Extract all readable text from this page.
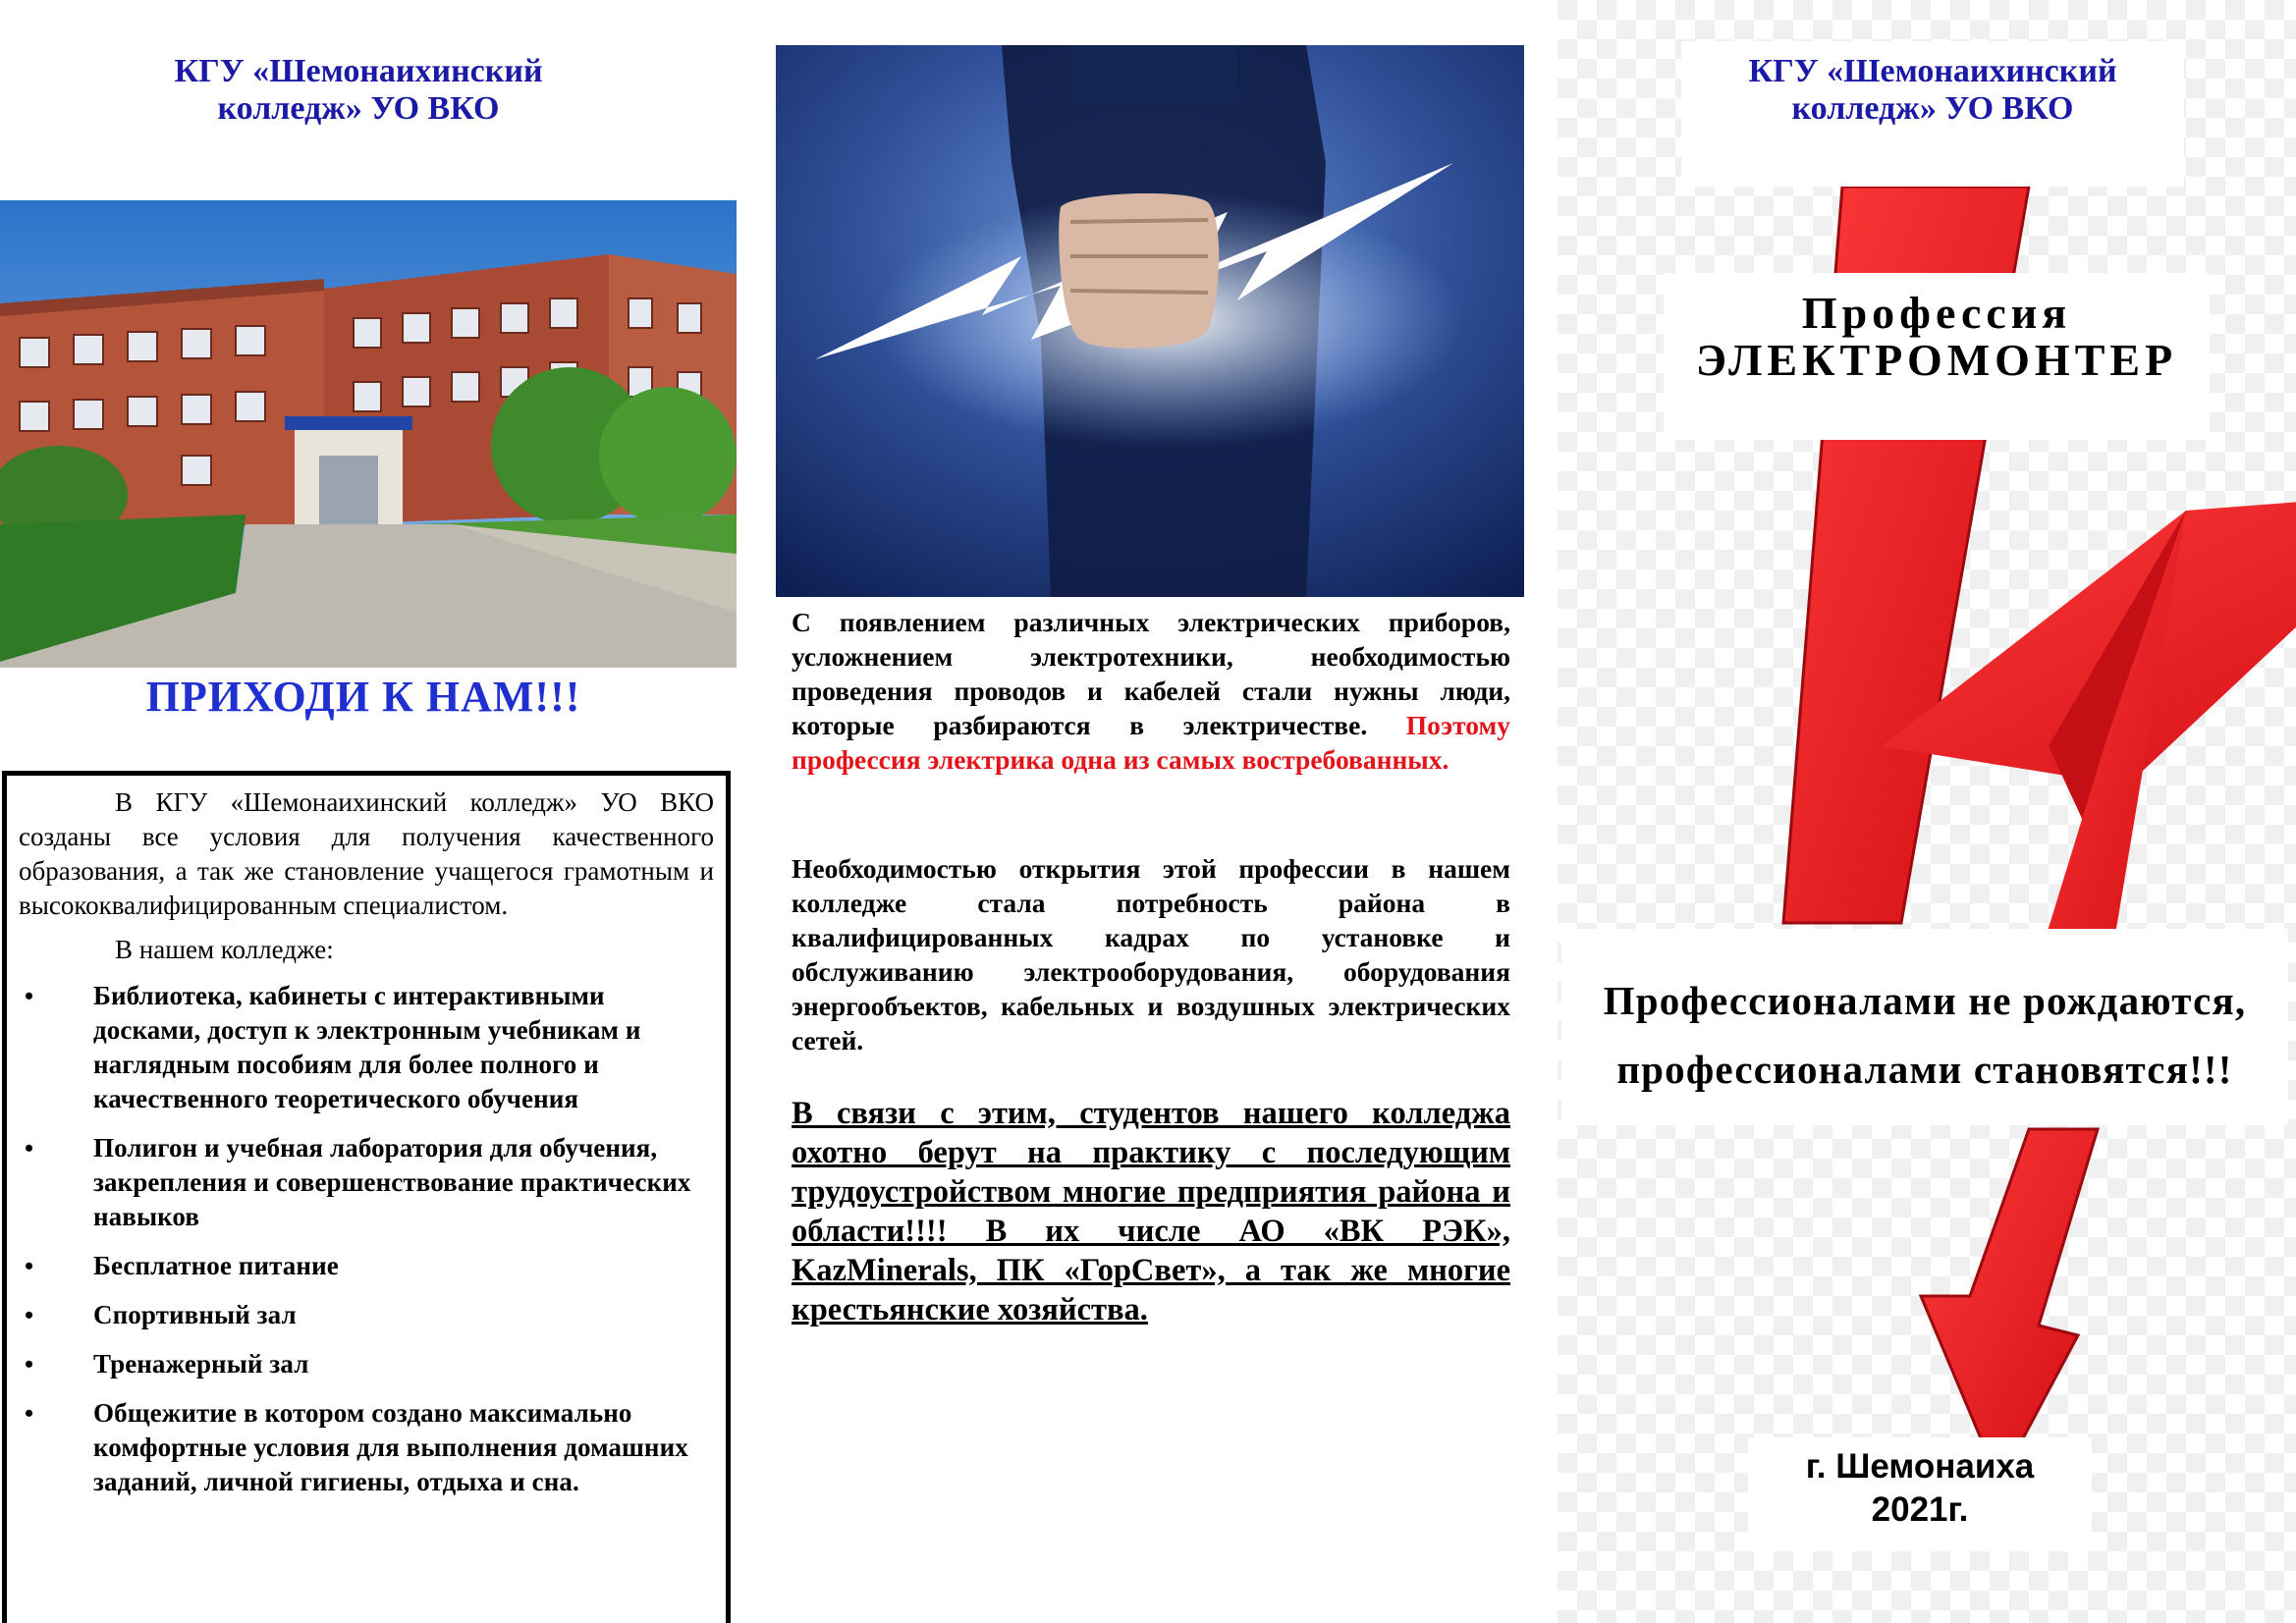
КГУ «Шемонаихинский
колледж» УО ВКО
ПРИХОДИ К НАМ!!!

В КГУ «Шемонаихинский колледж» УО ВКО созданы все условия для получения качественного образования, а так же становление учащегося грамотным и высококвалифицированным специалистом.

В нашем колледже:
• Библиотека, кабинеты с интерактивными досками, доступ к электронным учебникам и наглядным пособиям для более полного и качественного теоретического обучения
• Полигон и учебная лаборатория для обучения, закрепления и совершенствование практических навыков
• Бесплатное питание
• Спортивный зал
• Тренажерный зал
• Общежитие в котором создано максимально комфортные условия для выполнения домашних заданий, личной гигиены, отдыха и сна.
С появлением различных электрических приборов, усложнением электротехники, необходимостью проведения проводов и кабелей стали нужны люди, которые разбираются в электричестве. Поэтому профессия электрика одна из самых востребованных.
Необходимостью открытия этой профессии в нашем колледже стала потребность района в квалифицированных кадрах по установке и обслуживанию электрооборудования, оборудования энергообъектов, кабельных и воздушных электрических сетей.
В связи с этим, студентов нашего колледжа охотно берут на практику с последующим трудоустройством многие предприятия района и области!!!! В их числе АО «ВК РЭК», KazMinerals, ПК «ГорСвет», а так же многие крестьянские хозяйства.
КГУ «Шемонаихинский
колледж» УО ВКО
Профессия
ЭЛЕКТРОМОНТЕР
Профессионалами не рождаются,
профессионалами становятся!!!
г. Шемонаиха
2021г.
